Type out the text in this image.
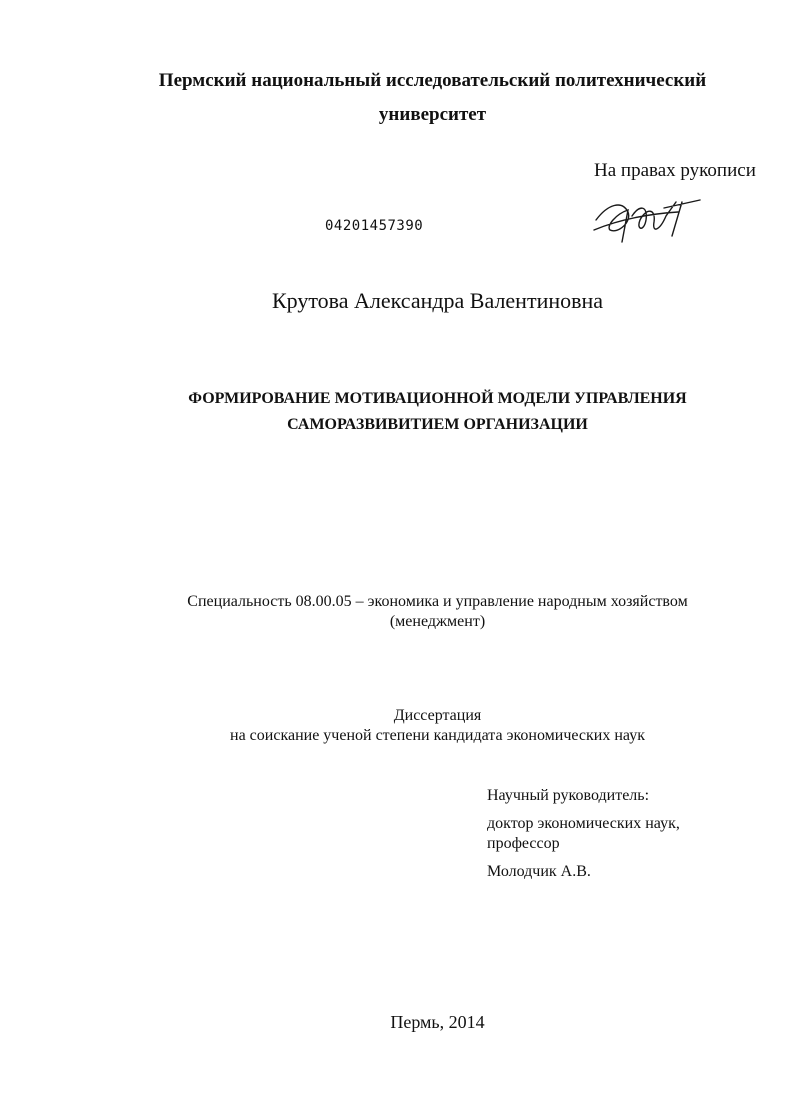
Пермский национальный исследовательский политехнический
университет
На правах рукописи
04201457390
Крутова Александра Валентиновна
ФОРМИРОВАНИЕ МОТИВАЦИОННОЙ МОДЕЛИ УПРАВЛЕНИЯ
САМОРАЗВИВИТИЕМ ОРГАНИЗАЦИИ
Специальность 08.00.05 – экономика и управление народным хозяйством
(менеджмент)
Диссертация
на соискание ученой степени кандидата экономических наук
Научный руководитель:
доктор экономических наук,
профессор
Молодчик А.В.
Пермь, 2014
